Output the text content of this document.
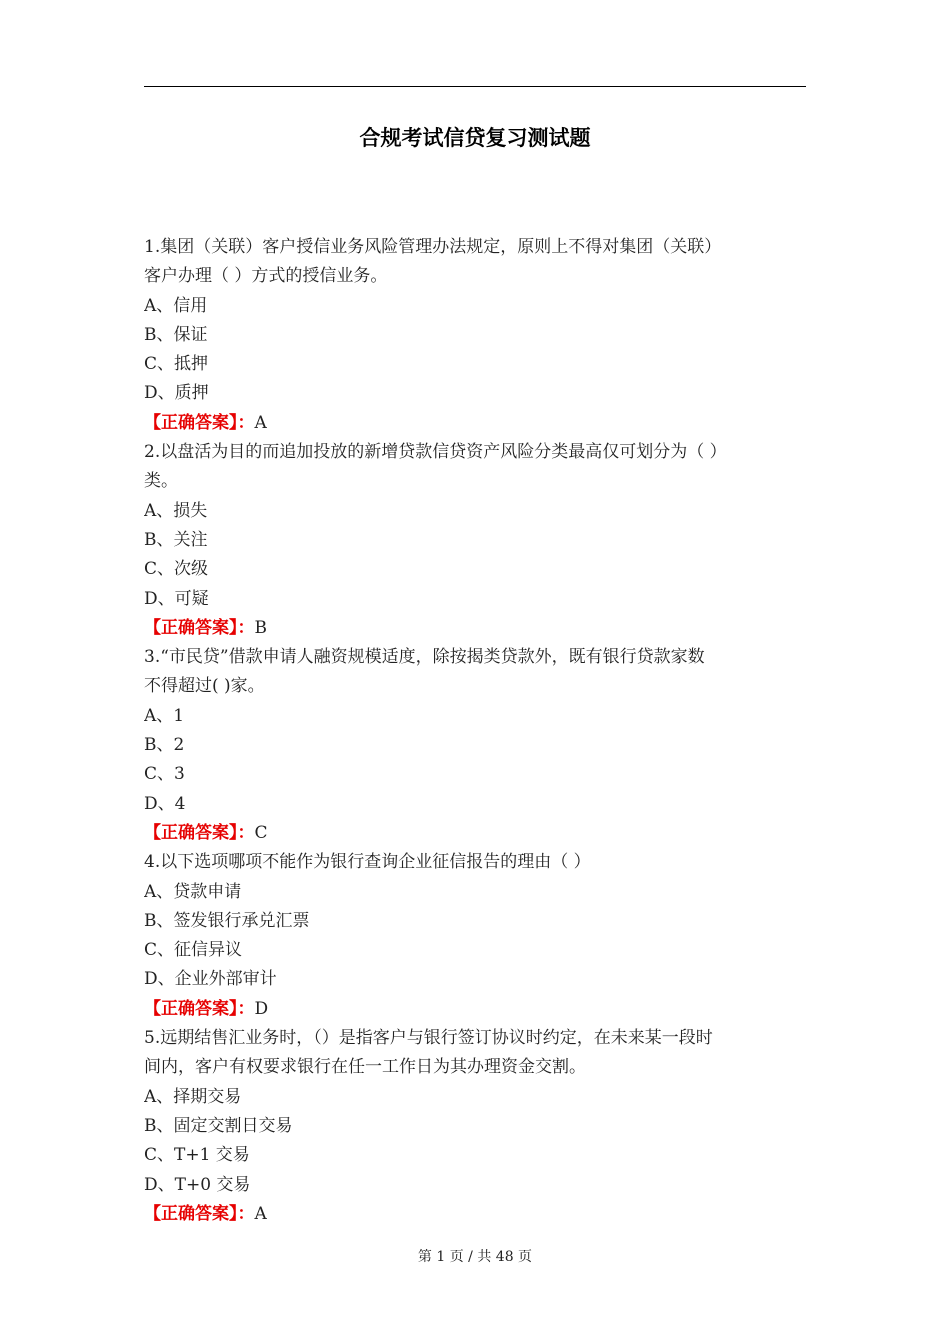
合规考试信贷复习测试题
1.集团（关联）客户授信业务风险管理办法规定，原则上不得对集团（关联）
客户办理（ ）方式的授信业务。
A、信用
B、保证
C、抵押
D、质押
【正确答案】：A
2.以盘活为目的而追加投放的新增贷款信贷资产风险分类最高仅可划分为（ ）
类。
A、损失
B、关注
C、次级
D、可疑
【正确答案】：B
3.“市民贷”借款申请人融资规模适度，除按揭类贷款外，既有银行贷款家数
不得超过( )家。
A、1
B、2
C、3
D、4
【正确答案】：C
4.以下选项哪项不能作为银行查询企业征信报告的理由（ ）
A、贷款申请
B、签发银行承兑汇票
C、征信异议
D、企业外部审计
【正确答案】：D
5.远期结售汇业务时，（）是指客户与银行签订协议时约定，在未来某一段时
间内，客户有权要求银行在任一工作日为其办理资金交割。
A、择期交易
B、固定交割日交易
C、T+1 交易
D、T+0 交易
【正确答案】：A
第 1 页 / 共 48 页
